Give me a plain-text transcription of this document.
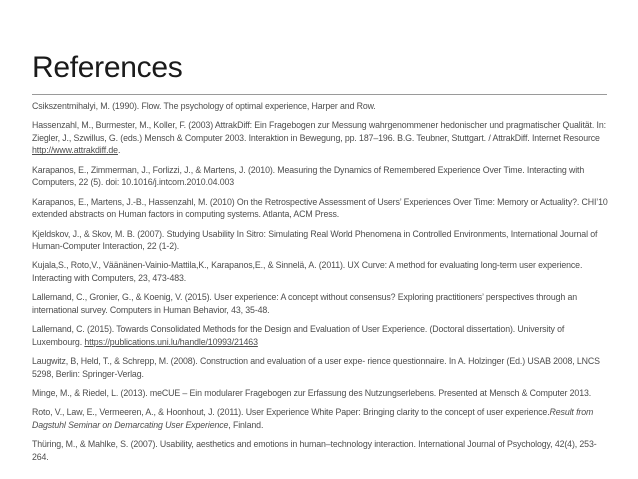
References

Csikszentmihalyi, M. (1990). Flow. The psychology of optimal experience, Harper and Row.

Hassenzahl, M., Burmester, M., Koller, F. (2003) AttrakDiff: Ein Fragebogen zur Messung wahrgenommener hedonischer und pragmatischer Qualität. In: Ziegler, J., Szwillus, G. (eds.) Mensch & Computer 2003. Interaktion in Bewegung, pp. 187–196. B.G. Teubner, Stuttgart. / AttrakDiff. Internet Resource http://www.attrakdiff.de.

Karapanos, E., Zimmerman, J., Forlizzi, J., & Martens, J. (2010). Measuring the Dynamics of Remembered Experience Over Time. Interacting with Computers, 22 (5). doi: 10.1016/j.intcom.2010.04.003

Karapanos, E., Martens, J.-B., Hassenzahl, M. (2010) On the Retrospective Assessment of Users’ Experiences Over Time: Memory or Actuality?. CHI’10 extended abstracts on Human factors in computing systems. Atlanta, ACM Press.

Kjeldskov, J., & Skov, M. B. (2007). Studying Usability In Sitro: Simulating Real World Phenomena in Controlled Environments, International Journal of Human-Computer Interaction, 22 (1-2).

Kujala,S., Roto,V., Väänänen-Vainio-Mattila,K., Karapanos,E., & Sinnelä, A. (2011). UX Curve: A method for evaluating long-term user experience. Interacting with Computers, 23, 473-483.

Lallemand, C., Gronier, G., & Koenig, V. (2015). User experience: A concept without consensus? Exploring practitioners’ perspectives through an international survey. Computers in Human Behavior, 43, 35-48.

Lallemand, C. (2015). Towards Consolidated Methods for the Design and Evaluation of User Experience. (Doctoral dissertation). University of Luxembourg. https://publications.uni.lu/handle/10993/21463

Laugwitz, B, Held, T., & Schrepp, M. (2008). Construction and evaluation of a user expe- rience questionnaire. In A. Holzinger (Ed.) USAB 2008, LNCS 5298, Berlin: Springer-Verlag.

Minge, M., & Riedel, L. (2013). meCUE – Ein modularer Fragebogen zur Erfassung des Nutzungserlebens. Presented at Mensch & Computer 2013.

Roto, V., Law, E., Vermeeren, A., & Hoonhout, J. (2011). User Experience White Paper: Bringing clarity to the concept of user experience.Result from Dagstuhl Seminar on Demarcating User Experience, Finland.

Thüring, M., & Mahlke, S. (2007). Usability, aesthetics and emotions in human–technology interaction. International Journal of Psychology, 42(4), 253-264.
